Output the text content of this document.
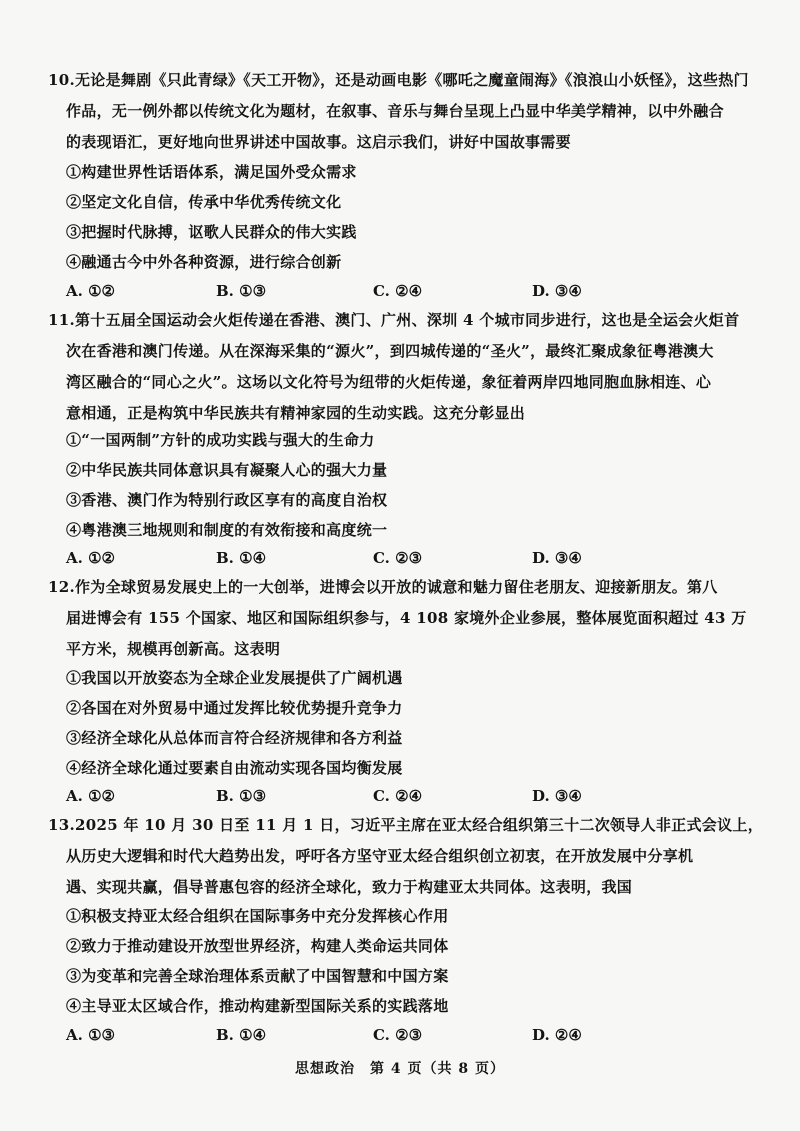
10.无论是舞剧《只此青绿》《天工开物》，还是动画电影《哪吒之魔童闹海》《浪浪山小妖怪》，这些热门
作品，无一例外都以传统文化为题材，在叙事、音乐与舞台呈现上凸显中华美学精神，以中外融合
的表现语汇，更好地向世界讲述中国故事。这启示我们，讲好中国故事需要
①构建世界性话语体系，满足国外受众需求
②坚定文化自信，传承中华优秀传统文化
③把握时代脉搏，讴歌人民群众的伟大实践
④融通古今中外各种资源，进行综合创新
A. ①②	B. ①③	C. ②④	D. ③④
11.第十五届全国运动会火炬传递在香港、澳门、广州、深圳 4 个城市同步进行，这也是全运会火炬首
次在香港和澳门传递。从在深海采集的“源火”，到四城传递的“圣火”，最终汇聚成象征粤港澳大
湾区融合的“同心之火”。这场以文化符号为纽带的火炬传递，象征着两岸四地同胞血脉相连、心
意相通，正是构筑中华民族共有精神家园的生动实践。这充分彰显出
①“一国两制”方针的成功实践与强大的生命力
②中华民族共同体意识具有凝聚人心的强大力量
③香港、澳门作为特别行政区享有的高度自治权
④粤港澳三地规则和制度的有效衔接和高度统一
A. ①②	B. ①④	C. ②③	D. ③④
12.作为全球贸易发展史上的一大创举，进博会以开放的诚意和魅力留住老朋友、迎接新朋友。第八
届进博会有 155 个国家、地区和国际组织参与，4 108 家境外企业参展，整体展览面积超过 43 万
平方米，规模再创新高。这表明
①我国以开放姿态为全球企业发展提供了广阔机遇
②各国在对外贸易中通过发挥比较优势提升竞争力
③经济全球化从总体而言符合经济规律和各方利益
④经济全球化通过要素自由流动实现各国均衡发展
A. ①②	B. ①③	C. ②④	D. ③④
13.2025 年 10 月 30 日至 11 月 1 日，习近平主席在亚太经合组织第三十二次领导人非正式会议上，
从历史大逻辑和时代大趋势出发，呼吁各方坚守亚太经合组织创立初衷，在开放发展中分享机
遇、实现共赢，倡导普惠包容的经济全球化，致力于构建亚太共同体。这表明，我国
①积极支持亚太经合组织在国际事务中充分发挥核心作用
②致力于推动建设开放型世界经济，构建人类命运共同体
③为变革和完善全球治理体系贡献了中国智慧和中国方案
④主导亚太区域合作，推动构建新型国际关系的实践落地
A. ①③	B. ①④	C. ②③	D. ②④
思想政治　第 4 页（共 8 页）
